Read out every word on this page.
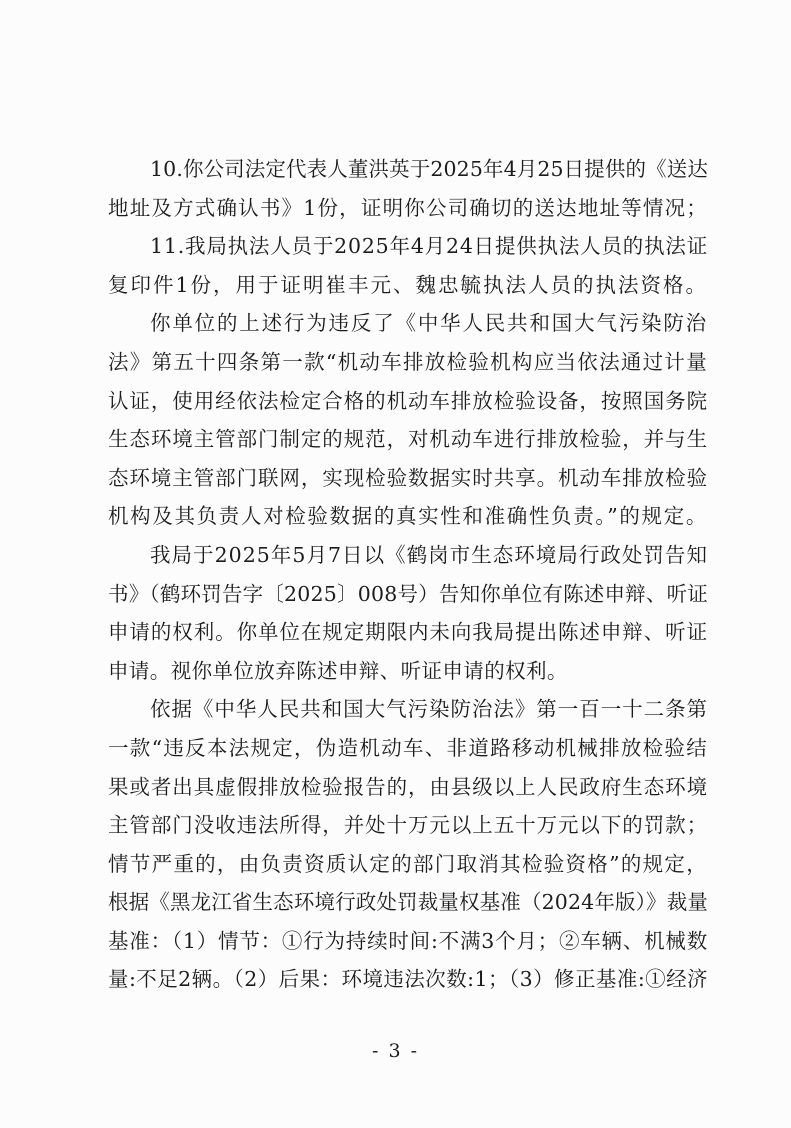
10.你公司法定代表人董洪英于2025年4月25日提供的《送达
地址及方式确认书》1份，证明你公司确切的送达地址等情况；
11.我局执法人员于2025年4月24日提供执法人员的执法证
复印件1份，用于证明崔丰元、魏忠毓执法人员的执法资格。
你单位的上述行为违反了《中华人民共和国大气污染防治
法》第五十四条第一款“机动车排放检验机构应当依法通过计量
认证，使用经依法检定合格的机动车排放检验设备，按照国务院
生态环境主管部门制定的规范，对机动车进行排放检验，并与生
态环境主管部门联网，实现检验数据实时共享。机动车排放检验
机构及其负责人对检验数据的真实性和准确性负责。”的规定。
我局于2025年5月7日以《鹤岗市生态环境局行政处罚告知
书》（鹤环罚告字〔2025〕008号）告知你单位有陈述申辩、听证
申请的权利。你单位在规定期限内未向我局提出陈述申辩、听证
申请。视你单位放弃陈述申辩、听证申请的权利。
依据《中华人民共和国大气污染防治法》第一百一十二条第
一款“违反本法规定，伪造机动车、非道路移动机械排放检验结
果或者出具虚假排放检验报告的，由县级以上人民政府生态环境
主管部门没收违法所得，并处十万元以上五十万元以下的罚款；
情节严重的，由负责资质认定的部门取消其检验资格”的规定，
根据《黑龙江省生态环境行政处罚裁量权基准（2024年版）》裁量
基准：（1）情节：①行为持续时间:不满3个月；②车辆、机械数
量:不足2辆。（2）后果：环境违法次数:1；（3）修正基准:①经济
- 3 -
